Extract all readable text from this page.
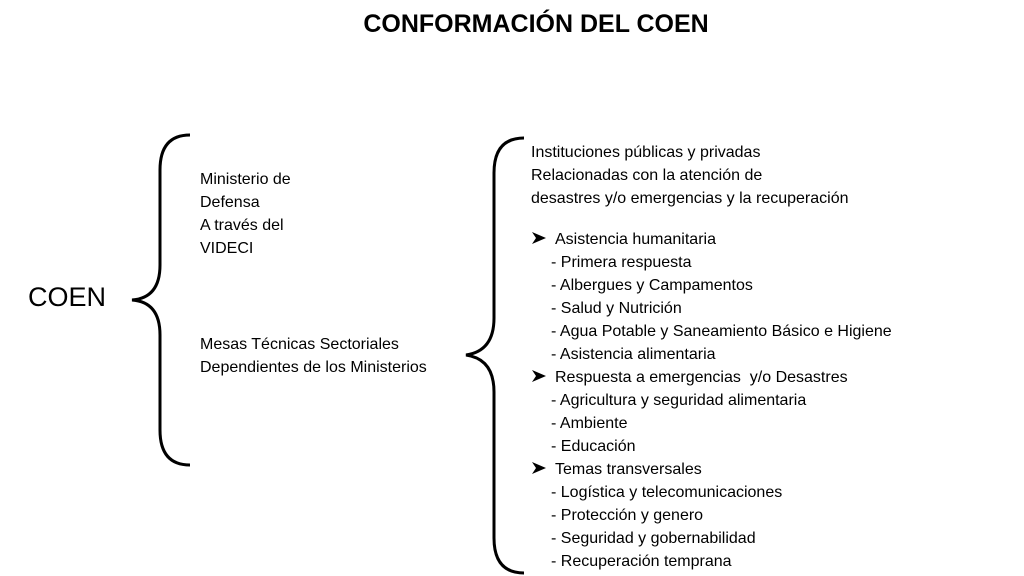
CONFORMACIÓN DEL COEN
COEN
Ministerio de
Defensa
A través del
VIDECI
Mesas Técnicas Sectoriales
Dependientes de los Ministerios
Instituciones públicas y privadas
Relacionadas con la atención de
desastres y/o emergencias y la recuperación
Asistencia humanitaria
- Primera respuesta
- Albergues y Campamentos
- Salud y Nutrición
- Agua Potable y Saneamiento Básico e Higiene
- Asistencia alimentaria
Respuesta a emergencias  y/o Desastres
- Agricultura y seguridad alimentaria
- Ambiente
- Educación
Temas transversales
- Logística y telecomunicaciones
- Protección y genero
- Seguridad y gobernabilidad
- Recuperación temprana
